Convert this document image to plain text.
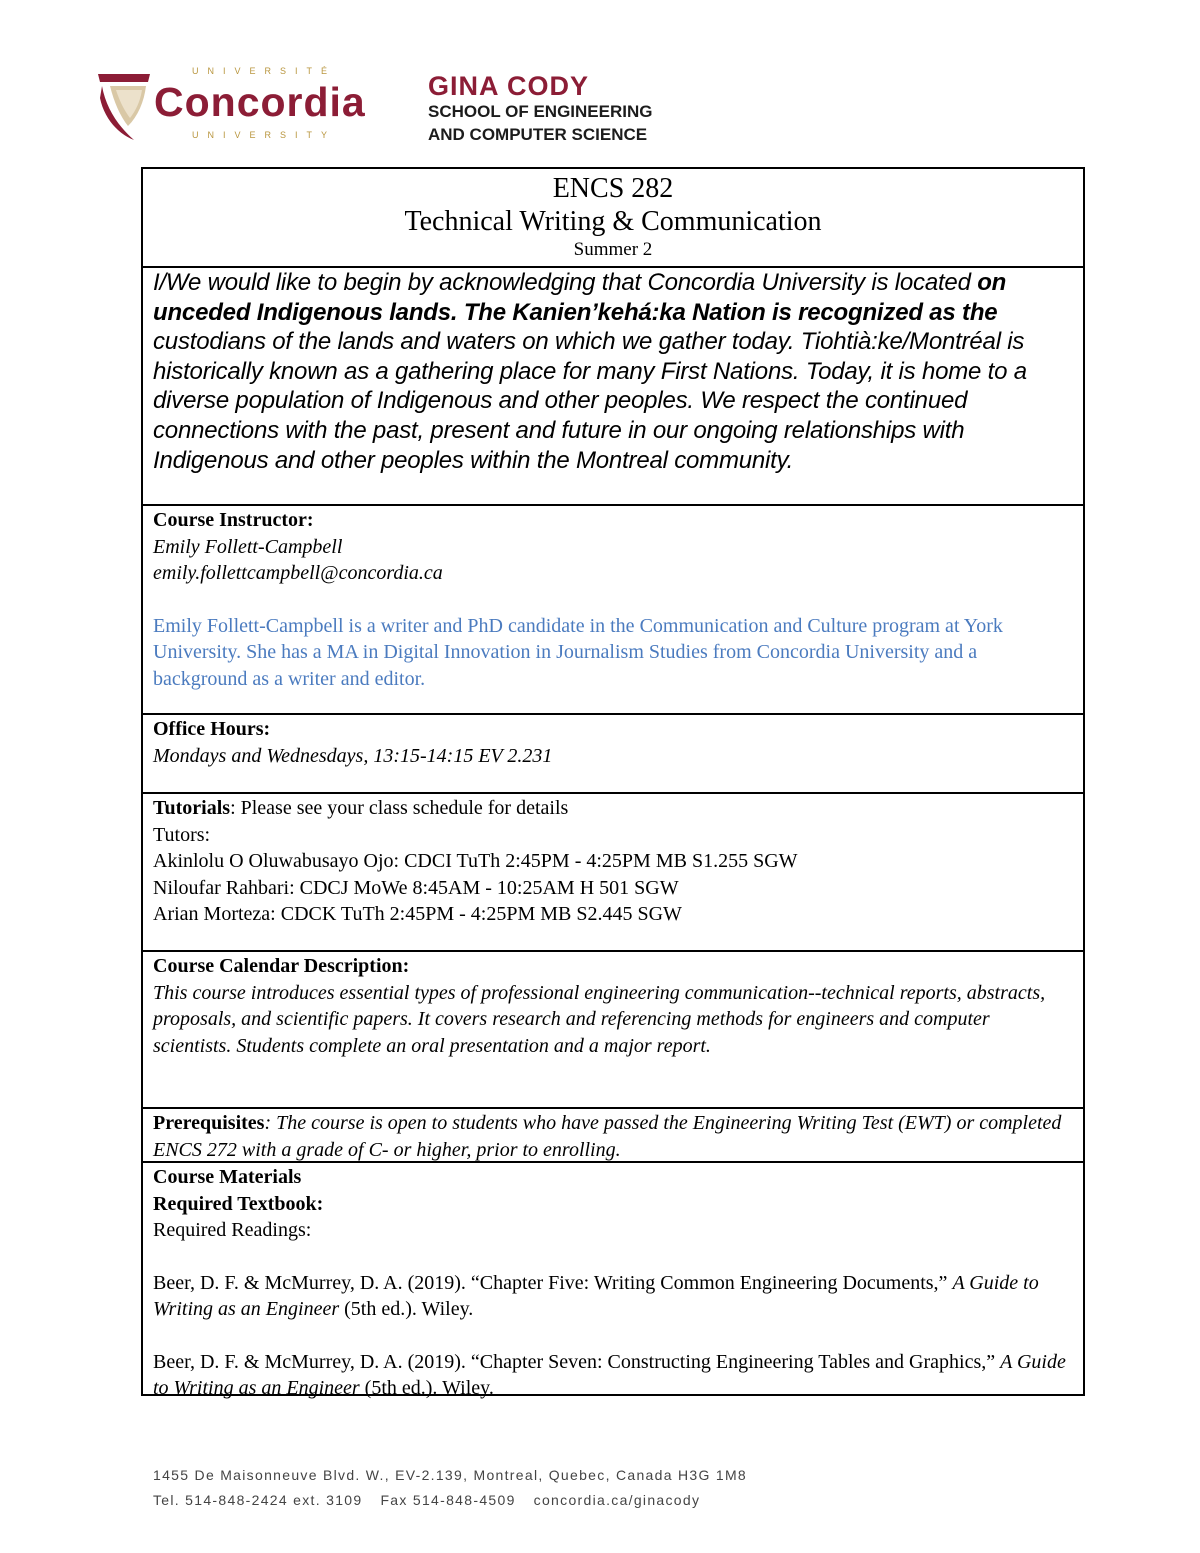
UNIVERSITÉ
Concordia
UNIVERSITY
GINA CODY
SCHOOL OF ENGINEERING
AND COMPUTER SCIENCE
ENCS 282
Technical Writing & Communication
Summer 2
I/We would like to begin by acknowledging that Concordia University is located on unceded Indigenous lands. The Kanien’kehá:ka Nation is recognized as the custodians of the lands and waters on which we gather today. Tiohtià:ke/Montréal is historically known as a gathering place for many First Nations. Today, it is home to a diverse population of Indigenous and other peoples. We respect the continued connections with the past, present and future in our ongoing relationships with Indigenous and other peoples within the Montreal community.
Course Instructor:
Emily Follett-Campbell
emily.follettcampbell@concordia.ca
Emily Follett-Campbell is a writer and PhD candidate in the Communication and Culture program at York University. She has a MA in Digital Innovation in Journalism Studies from Concordia University and a background as a writer and editor.
Office Hours:
Mondays and Wednesdays, 13:15-14:15 EV 2.231
Tutorials: Please see your class schedule for details
Tutors:
Akinlolu O Oluwabusayo Ojo: CDCI TuTh 2:45PM - 4:25PM MB S1.255 SGW
Niloufar Rahbari: CDCJ MoWe 8:45AM - 10:25AM H 501 SGW
Arian Morteza: CDCK TuTh 2:45PM - 4:25PM MB S2.445 SGW
Course Calendar Description:
This course introduces essential types of professional engineering communication--technical reports, abstracts, proposals, and scientific papers. It covers research and referencing methods for engineers and computer scientists. Students complete an oral presentation and a major report.
Prerequisites: The course is open to students who have passed the Engineering Writing Test (EWT) or completed ENCS 272 with a grade of C- or higher, prior to enrolling.
Course Materials
Required Textbook:
Required Readings:
Beer, D. F. & McMurrey, D. A. (2019). “Chapter Five: Writing Common Engineering Documents,” A Guide to Writing as an Engineer (5th ed.). Wiley.
Beer, D. F. & McMurrey, D. A. (2019). “Chapter Seven: Constructing Engineering Tables and Graphics,” A Guide to Writing as an Engineer (5th ed.). Wiley.
1455 De Maisonneuve Blvd. W., EV-2.139, Montreal, Quebec, Canada H3G 1M8
Tel. 514-848-2424 ext. 3109 Fax 514-848-4509 concordia.ca/ginacody
